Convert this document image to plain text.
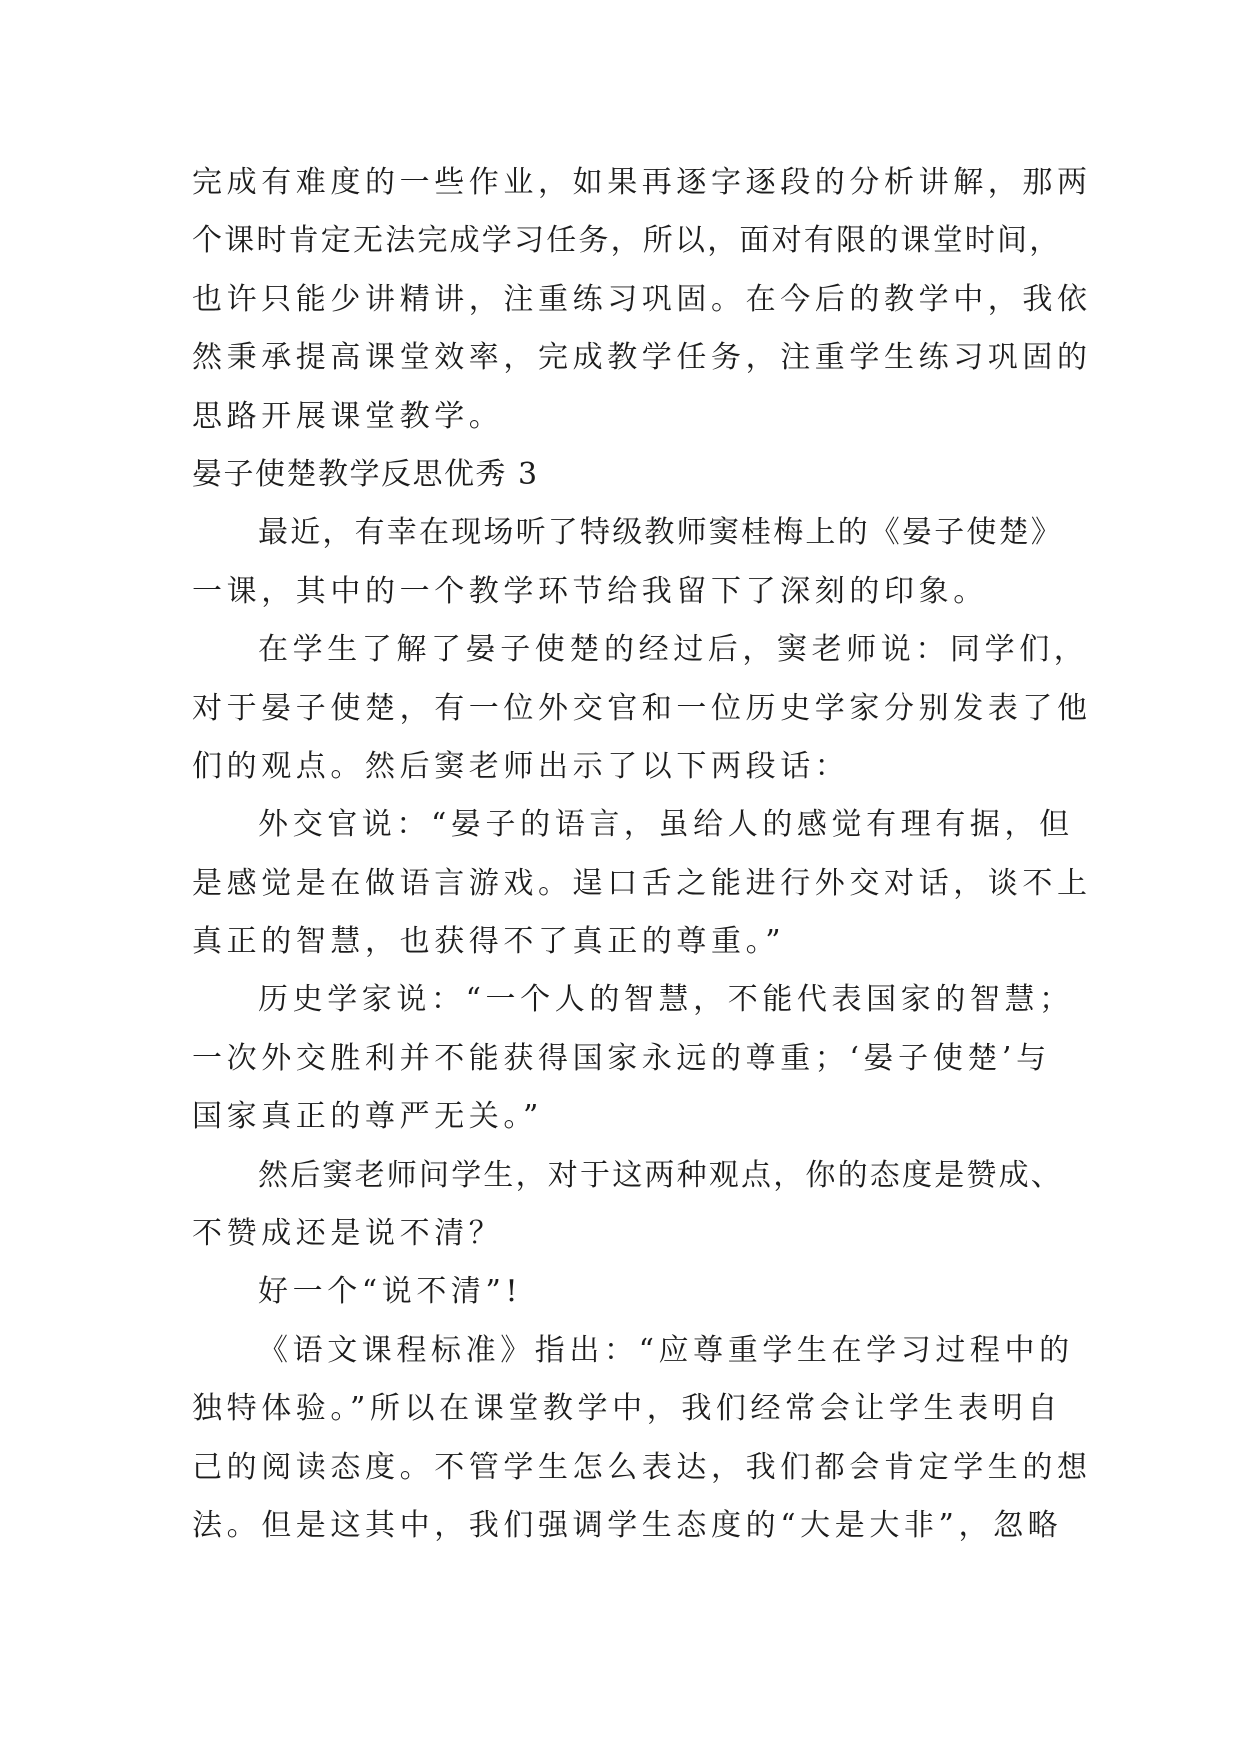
完成有难度的一些作业，如果再逐字逐段的分析讲解，那两
个课时肯定无法完成学习任务，所以，面对有限的课堂时间，
也许只能少讲精讲，注重练习巩固。在今后的教学中，我依
然秉承提高课堂效率，完成教学任务，注重学生练习巩固的
思路开展课堂教学。
晏子使楚教学反思优秀 3
最近，有幸在现场听了特级教师窦桂梅上的《晏子使楚》
一课，其中的一个教学环节给我留下了深刻的印象。
在学生了解了晏子使楚的经过后，窦老师说：同学们，
对于晏子使楚，有一位外交官和一位历史学家分别发表了他
们的观点。然后窦老师出示了以下两段话：
外交官说：“晏子的语言，虽给人的感觉有理有据，但
是感觉是在做语言游戏。逞口舌之能进行外交对话，谈不上
真正的智慧，也获得不了真正的尊重。”
历史学家说：“一个人的智慧，不能代表国家的智慧；
一次外交胜利并不能获得国家永远的尊重；‘晏子使楚’与
国家真正的尊严无关。”
然后窦老师问学生，对于这两种观点，你的态度是赞成、
不赞成还是说不清？
好一个“说不清”!
《语文课程标准》指出：“应尊重学生在学习过程中的
独特体验。”所以在课堂教学中，我们经常会让学生表明自
己的阅读态度。不管学生怎么表达，我们都会肯定学生的想
法。但是这其中，我们强调学生态度的“大是大非”，忽略
